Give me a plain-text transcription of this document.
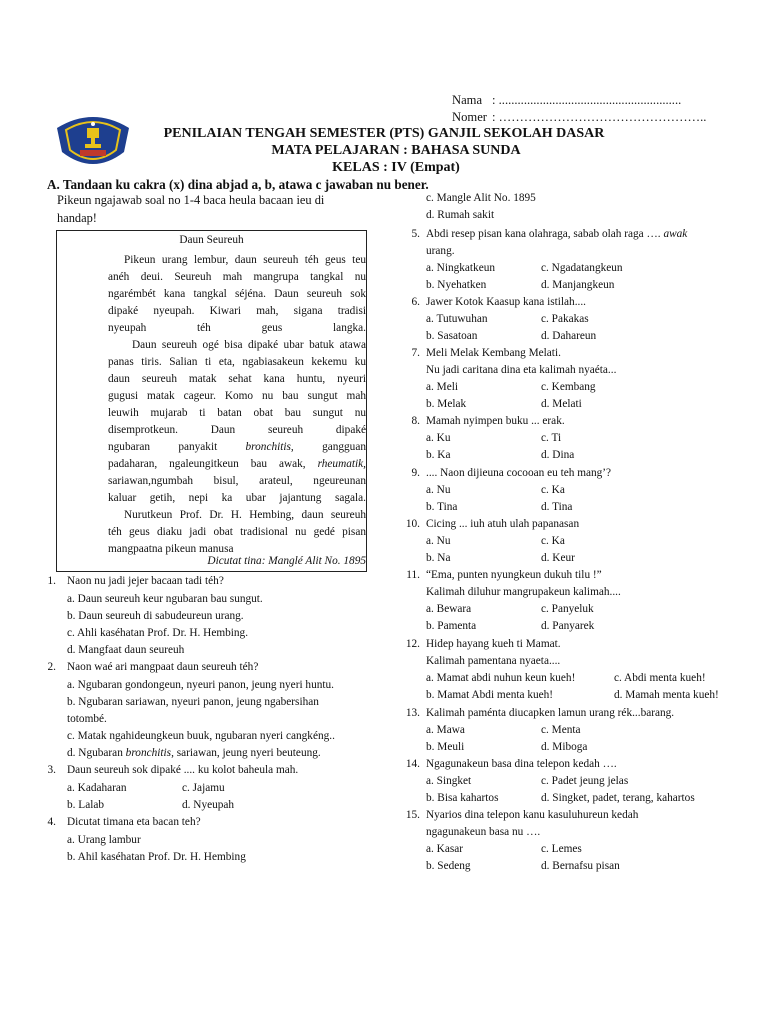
Nama : ..........................................................
Nomer : …………………………………………..
PENILAIAN TENGAH SEMESTER (PTS) GANJIL SEKOLAH DASAR
MATA PELAJARAN : BAHASA SUNDA
KELAS : IV (Empat)
A. Tandaan ku cakra (x) dina abjad a, b, atawa c jawaban nu bener.
Pikeun ngajawab soal no 1-4 baca heula bacaan ieu di
handap!
Daun Seureuh
Pikeun urang lembur, daun seureuh téh geus teu
anéh deui. Seureuh mah mangrupa tangkal nu
ngarémbét kana tangkal séjéna. Daun seureuh sok
dipaké nyeupah. Kiwari mah, sigana tradisi
nyeupah téh geus langka.
Daun seureuh ogé bisa dipaké ubar batuk atawa
panas tiris. Salian ti eta, ngabiasakeun kekemu ku
daun seureuh matak sehat kana huntu, nyeuri
gugusi matak cageur. Komo nu bau sungut mah
leuwih mujarab ti batan obat bau sungut nu
disemprotkeun. Daun seureuh dipaké
ngubaran panyakit bronchitis, gangguan
padaharan, ngaleungitkeun bau awak, rheumatik,
sariawan,ngumbah bisul, arateul, ngeureunan
kaluar getih, nepi ka ubar jajantung sagala.
Nurutkeun Prof. Dr. H. Hembing, daun seureuh
téh geus diaku jadi obat tradisional nu gedé pisan
mangpaatna pikeun manusa
Dicutat tina: Manglé Alit No. 1895
1. Naon nu jadi jejer bacaan tadi téh?
a. Daun seureuh keur ngubaran bau sungut.
b. Daun seureuh di sabudeureun urang.
c. Ahli kaséhatan Prof. Dr. H. Hembing.
d. Mangfaat daun seureuh
2. Naon waé ari mangpaat daun seureuh téh?
a. Ngubaran gondongeun, nyeuri panon, jeung nyeri huntu.
b. Ngubaran sariawan, nyeuri panon, jeung ngabersihan
totombé.
c. Matak ngahideungkeun buuk, ngubaran nyeri cangkéng..
d. Ngubaran bronchitis, sariawan, jeung nyeri beuteung.
3. Daun seureuh sok dipaké .... ku kolot baheula mah.
a. Kadaharan	c. Jajamu
b. Lalab	d. Nyeupah
4. Dicutat timana eta bacan teh?
a. Urang lambur
b. Ahil kaséhatan Prof. Dr. H. Hembing
c. Mangle Alit No. 1895
d. Rumah sakit
5. Abdi resep pisan kana olahraga, sabab olah raga …. awak
urang.
a. Ningkatkeun	c. Ngadatangkeun
b. Nyehatken	d. Manjangkeun
6. Jawer Kotok Kaasup kana istilah....
a. Tutuwuhan	c. Pakakas
b. Sasatoan	d. Dahareun
7. Meli Melak Kembang Melati.
Nu jadi caritana dina eta kalimah nyaéta...
a. Meli	c. Kembang
b. Melak	d. Melati
8. Mamah nyimpen buku ... erak.
a. Ku	c. Ti
b. Ka	d. Dina
9. .... Naon dijieuna cocooan eu teh mang’?
a. Nu	c. Ka
b. Tina	d. Tina
10. Cicing ... iuh atuh ulah papanasan
a. Nu	c. Ka
b. Na	d. Keur
11. “Ema, punten nyungkeun dukuh tilu !”
Kalimah diluhur mangrupakeun kalimah....
a. Bewara	c. Panyeluk
b. Pamenta	d. Panyarek
12. Hidep hayang kueh ti Mamat.
Kalimah pamentana nyaeta....
a. Mamat abdi nuhun keun kueh!	c. Abdi menta kueh!
b. Mamat Abdi menta kueh!	d. Mamah menta kueh!
13. Kalimah paménta diucapken lamun urang rék...barang.
a. Mawa	c. Menta
b. Meuli	d. Miboga
14. Ngagunakeun basa dina telepon kedah ….
a. Singket	c. Padet jeung jelas
b. Bisa kahartos	d. Singket, padet, terang, kahartos
15. Nyarios dina telepon kanu kasuluhureun kedah
ngagunakeun basa nu ….
a. Kasar	c. Lemes
b. Sedeng	d. Bernafsu pisan
